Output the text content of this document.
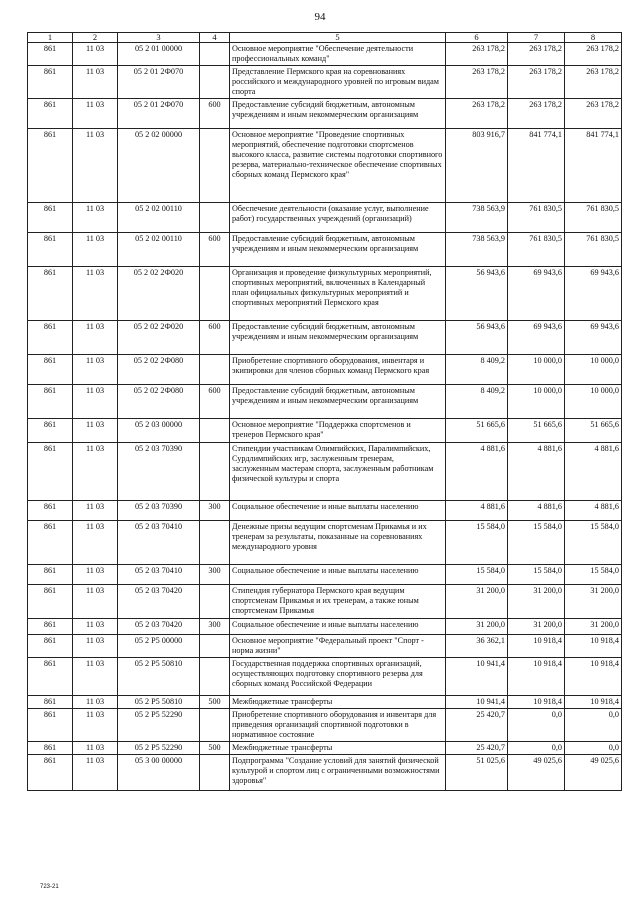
94
1	2	3	4	5	6	7	8
861	11 03	05 2 01 00000		Основное мероприятие "Обеспечение деятельности профессиональных команд"	263 178,2	263 178,2	263 178,2
861	11 03	05 2 01 2Ф070		Представление Пермского края на соревнованиях российского и международного уровней по игровым видам спорта	263 178,2	263 178,2	263 178,2
861	11 03	05 2 01 2Ф070	600	Предоставление субсидий бюджетным, автономным учреждениям и иным некоммерческим организациям	263 178,2	263 178,2	263 178,2
861	11 03	05 2 02 00000		Основное мероприятие "Проведение спортивных мероприятий, обеспечение подготовки спортсменов высокого класса, развитие системы подготовки спортивного резерва, материально-техническое обеспечение спортивных сборных команд Пермского края"	803 916,7	841 774,1	841 774,1
861	11 03	05 2 02 00110		Обеспечение деятельности (оказание услуг, выполнение работ) государственных учреждений (организаций)	738 563,9	761 830,5	761 830,5
861	11 03	05 2 02 00110	600	Предоставление субсидий бюджетным, автономным учреждениям и иным некоммерческим организациям	738 563,9	761 830,5	761 830,5
861	11 03	05 2 02 2Ф020		Организация и проведение физкультурных мероприятий, спортивных мероприятий, включенных в Календарный план официальных физкультурных мероприятий и спортивных мероприятий Пермского края	56 943,6	69 943,6	69 943,6
861	11 03	05 2 02 2Ф020	600	Предоставление субсидий бюджетным, автономным учреждениям и иным некоммерческим организациям	56 943,6	69 943,6	69 943,6
861	11 03	05 2 02 2Ф080		Приобретение спортивного оборудования, инвентаря и экипировки для членов сборных команд Пермского края	8 409,2	10 000,0	10 000,0
861	11 03	05 2 02 2Ф080	600	Предоставление субсидий бюджетным, автономным учреждениям и иным некоммерческим организациям	8 409,2	10 000,0	10 000,0
861	11 03	05 2 03 00000		Основное мероприятие "Поддержка спортсменов и тренеров Пермского края"	51 665,6	51 665,6	51 665,6
861	11 03	05 2 03 70390		Стипендии участникам Олимпийских, Паралимпийских, Сурдлимпийских игр, заслуженным тренерам, заслуженным мастерам спорта, заслуженным работникам физической культуры и спорта	4 881,6	4 881,6	4 881,6
861	11 03	05 2 03 70390	300	Социальное обеспечение и иные выплаты населению	4 881,6	4 881,6	4 881,6
861	11 03	05 2 03 70410		Денежные призы ведущим спортсменам Прикамья и их тренерам за результаты, показанные на соревнованиях международного уровня	15 584,0	15 584,0	15 584,0
861	11 03	05 2 03 70410	300	Социальное обеспечение и иные выплаты населению	15 584,0	15 584,0	15 584,0
861	11 03	05 2 03 70420		Стипендия губернатора Пермского края ведущим спортсменам Прикамья и их тренерам, а также юным спортсменам Прикамья	31 200,0	31 200,0	31 200,0
861	11 03	05 2 03 70420	300	Социальное обеспечение и иные выплаты населению	31 200,0	31 200,0	31 200,0
861	11 03	05 2 P5 00000		Основное мероприятие "Федеральный проект "Спорт - норма жизни"	36 362,1	10 918,4	10 918,4
861	11 03	05 2 P5 50810		Государственная поддержка спортивных организаций, осуществляющих подготовку спортивного резерва для сборных команд Российской Федерации	10 941,4	10 918,4	10 918,4
861	11 03	05 2 P5 50810	500	Межбюджетные трансферты	10 941,4	10 918,4	10 918,4
861	11 03	05 2 P5 52290		Приобретение спортивного оборудования и инвентаря для приведения организаций спортивной подготовки в нормативное состояние	25 420,7	0,0	0,0
861	11 03	05 2 P5 52290	500	Межбюджетные трансферты	25 420,7	0,0	0,0
861	11 03	05 3 00 00000		Подпрограмма "Создание условий для занятий физической культурой и спортом лиц с ограниченными возможностями здоровья"	51 025,6	49 025,6	49 025,6
723-21
